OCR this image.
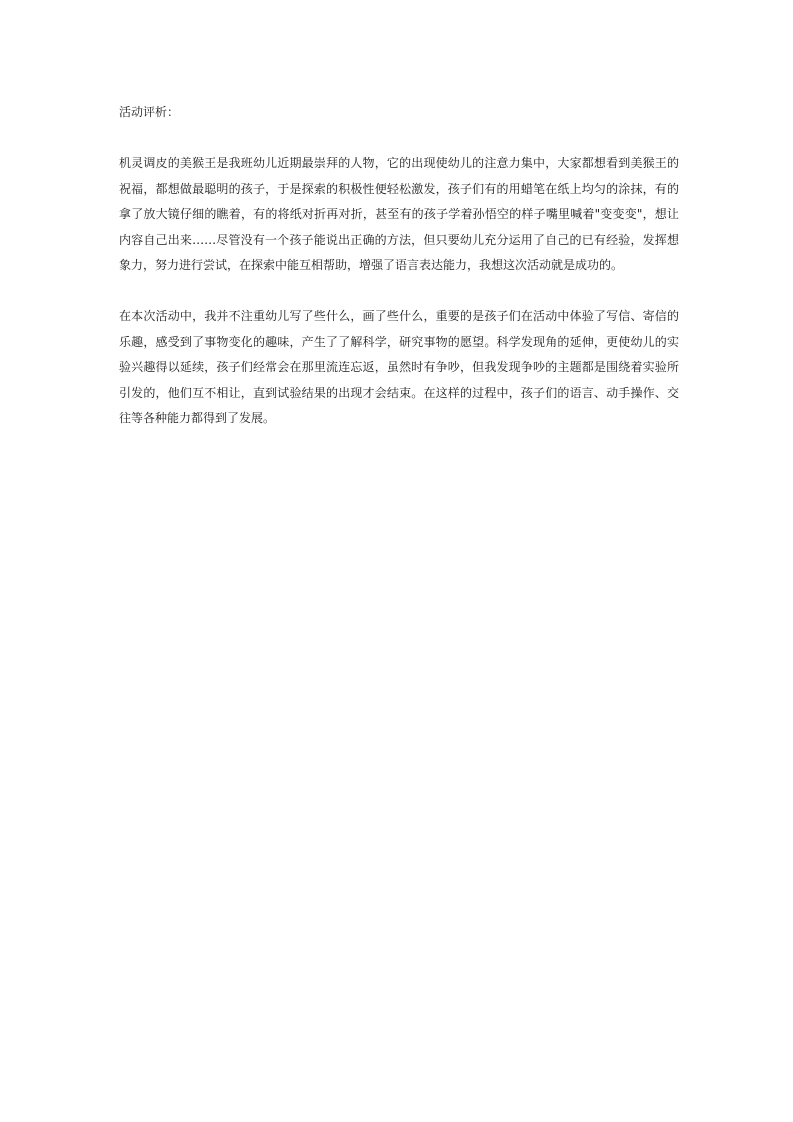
活动评析：

机灵调皮的美猴王是我班幼儿近期最崇拜的人物，它的出现使幼儿的注意力集中，大家都想看到美猴王的祝福，都想做最聪明的孩子，于是探索的积极性便轻松激发，孩子们有的用蜡笔在纸上均匀的涂抹，有的拿了放大镜仔细的瞧着，有的将纸对折再对折，甚至有的孩子学着孙悟空的样子嘴里喊着"变变变"，想让内容自己出来……尽管没有一个孩子能说出正确的方法，但只要幼儿充分运用了自己的已有经验，发挥想象力，努力进行尝试，在探索中能互相帮助，增强了语言表达能力，我想这次活动就是成功的。

在本次活动中，我并不注重幼儿写了些什么，画了些什么，重要的是孩子们在活动中体验了写信、寄信的乐趣，感受到了事物变化的趣味，产生了了解科学，研究事物的愿望。科学发现角的延伸，更使幼儿的实验兴趣得以延续，孩子们经常会在那里流连忘返，虽然时有争吵，但我发现争吵的主题都是围绕着实验所引发的，他们互不相让，直到试验结果的出现才会结束。在这样的过程中，孩子们的语言、动手操作、交往等各种能力都得到了发展。
